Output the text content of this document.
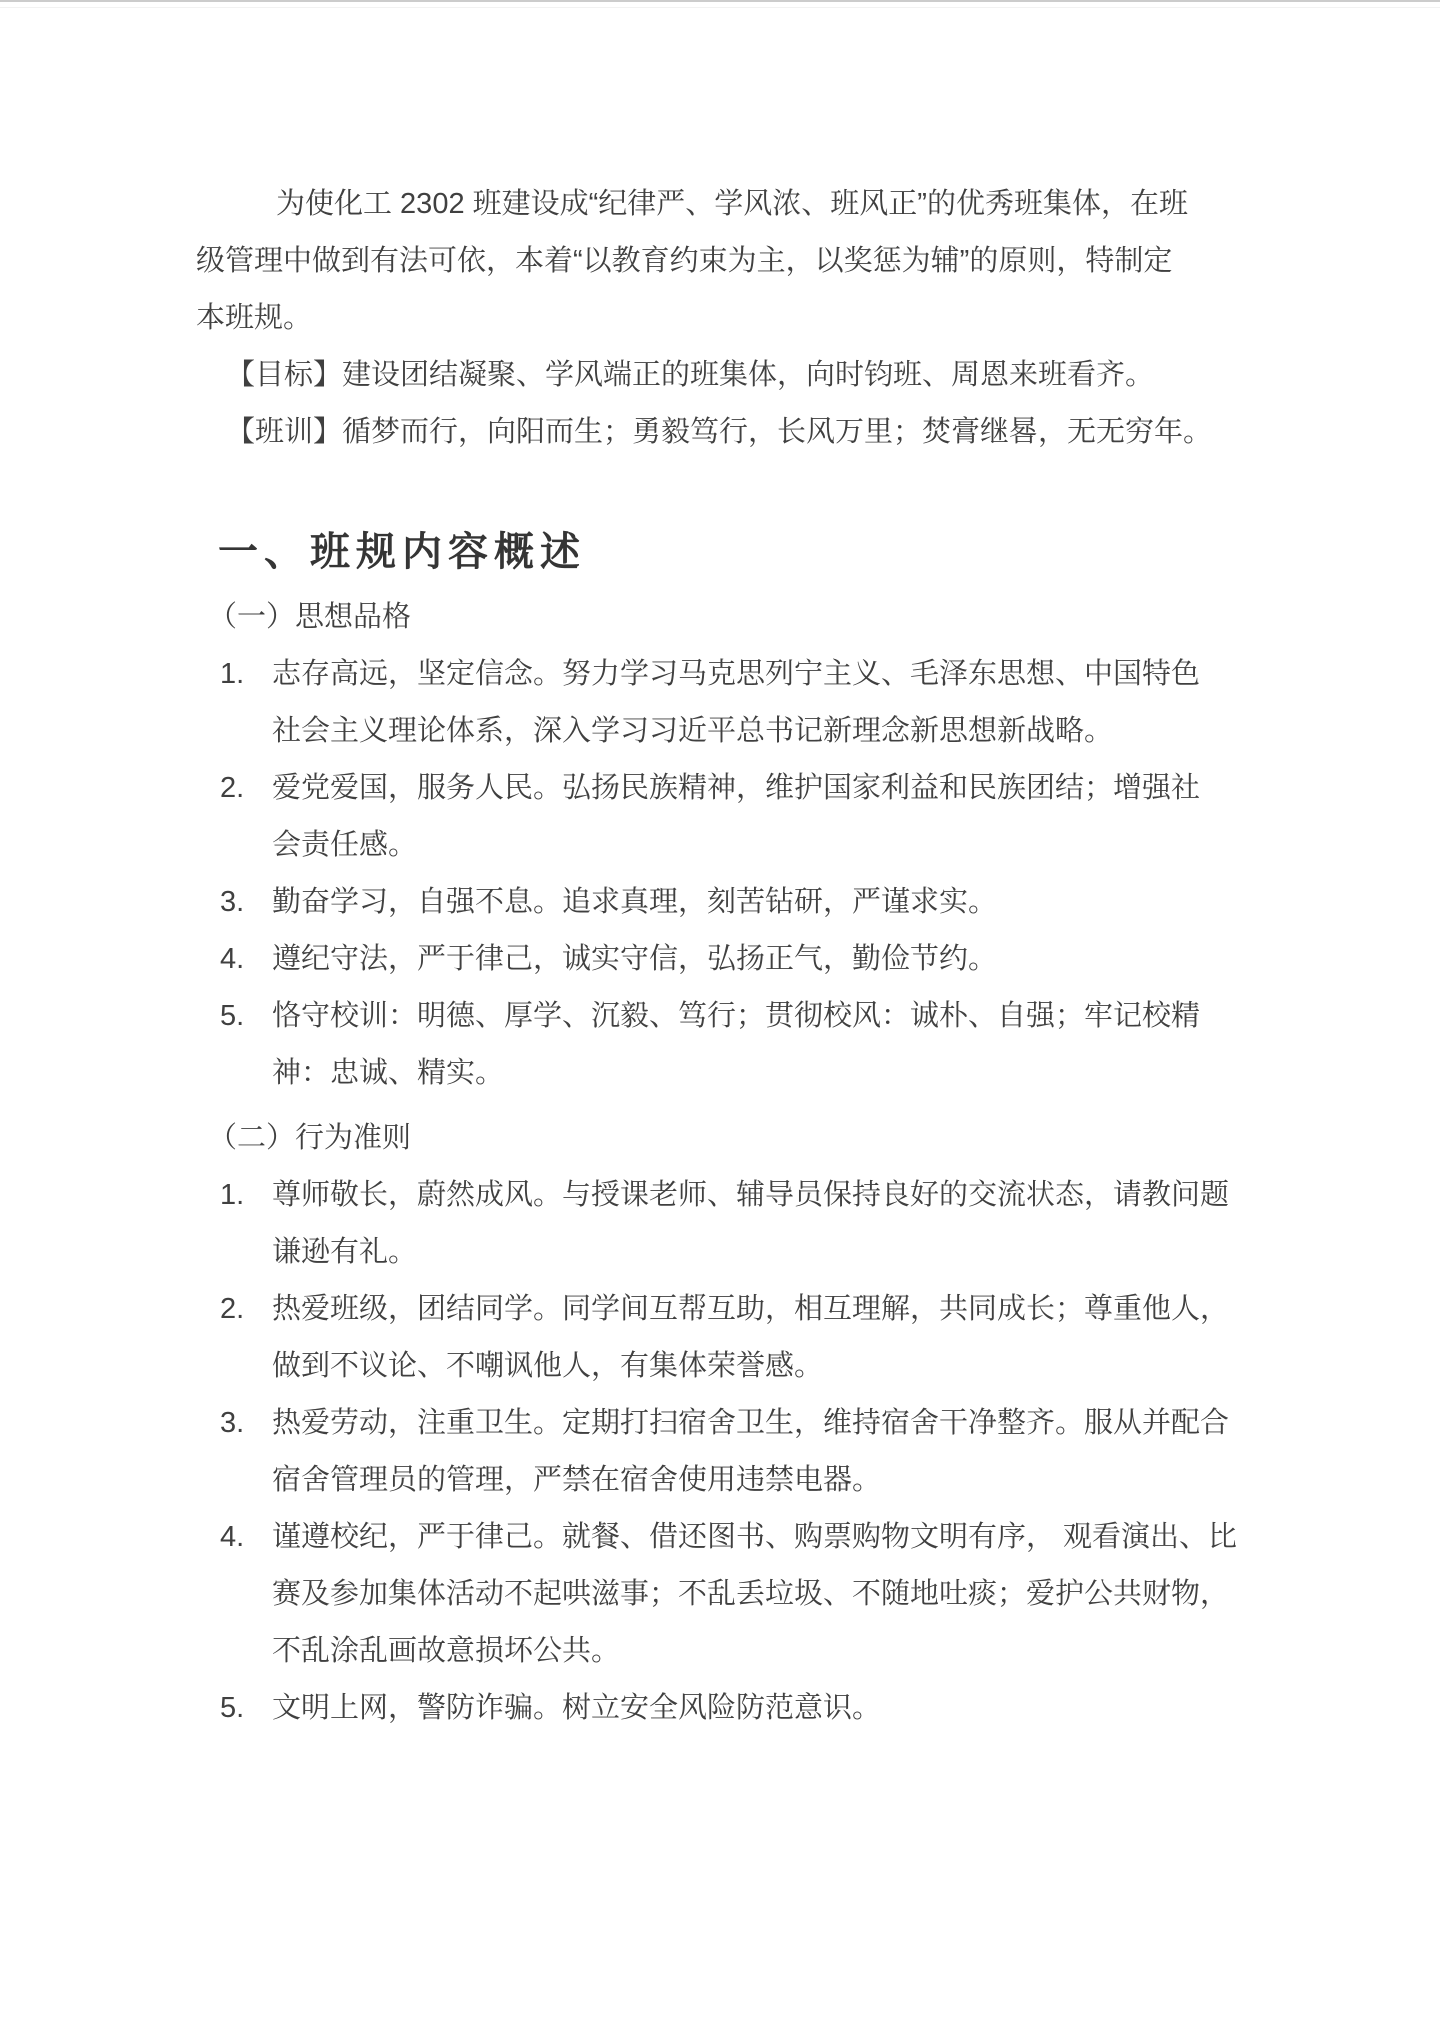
为使化工 2302 班建设成“纪律严、学风浓、班风正”的优秀班集体，在班
级管理中做到有法可依，本着“以教育约束为主，以奖惩为辅”的原则，特制定
本班规。
【目标】建设团结凝聚、学风端正的班集体，向时钧班、周恩来班看齐。
【班训】循梦而行，向阳而生；勇毅笃行，长风万里；焚膏继晷，无无穷年。
一、班规内容概述
（一）思想品格
1. 志存高远，坚定信念。努力学习马克思列宁主义、毛泽东思想、中国特色
社会主义理论体系，深入学习习近平总书记新理念新思想新战略。
2. 爱党爱国，服务人民。弘扬民族精神，维护国家利益和民族团结；增强社
会责任感。
3. 勤奋学习，自强不息。追求真理，刻苦钻研，严谨求实。
4. 遵纪守法，严于律己，诚实守信，弘扬正气，勤俭节约。
5. 恪守校训：明德、厚学、沉毅、笃行；贯彻校风：诚朴、自强；牢记校精
神：忠诚、精实。
（二）行为准则
1. 尊师敬长，蔚然成风。与授课老师、辅导员保持良好的交流状态，请教问题
谦逊有礼。
2. 热爱班级，团结同学。同学间互帮互助，相互理解，共同成长；尊重他人，
做到不议论、不嘲讽他人，有集体荣誉感。
3. 热爱劳动，注重卫生。定期打扫宿舍卫生，维持宿舍干净整齐。服从并配合
宿舍管理员的管理，严禁在宿舍使用违禁电器。
4. 谨遵校纪，严于律己。就餐、借还图书、购票购物文明有序， 观看演出、比
赛及参加集体活动不起哄滋事；不乱丢垃圾、不随地吐痰；爱护公共财物，
不乱涂乱画故意损坏公共。
5. 文明上网，警防诈骗。树立安全风险防范意识。
